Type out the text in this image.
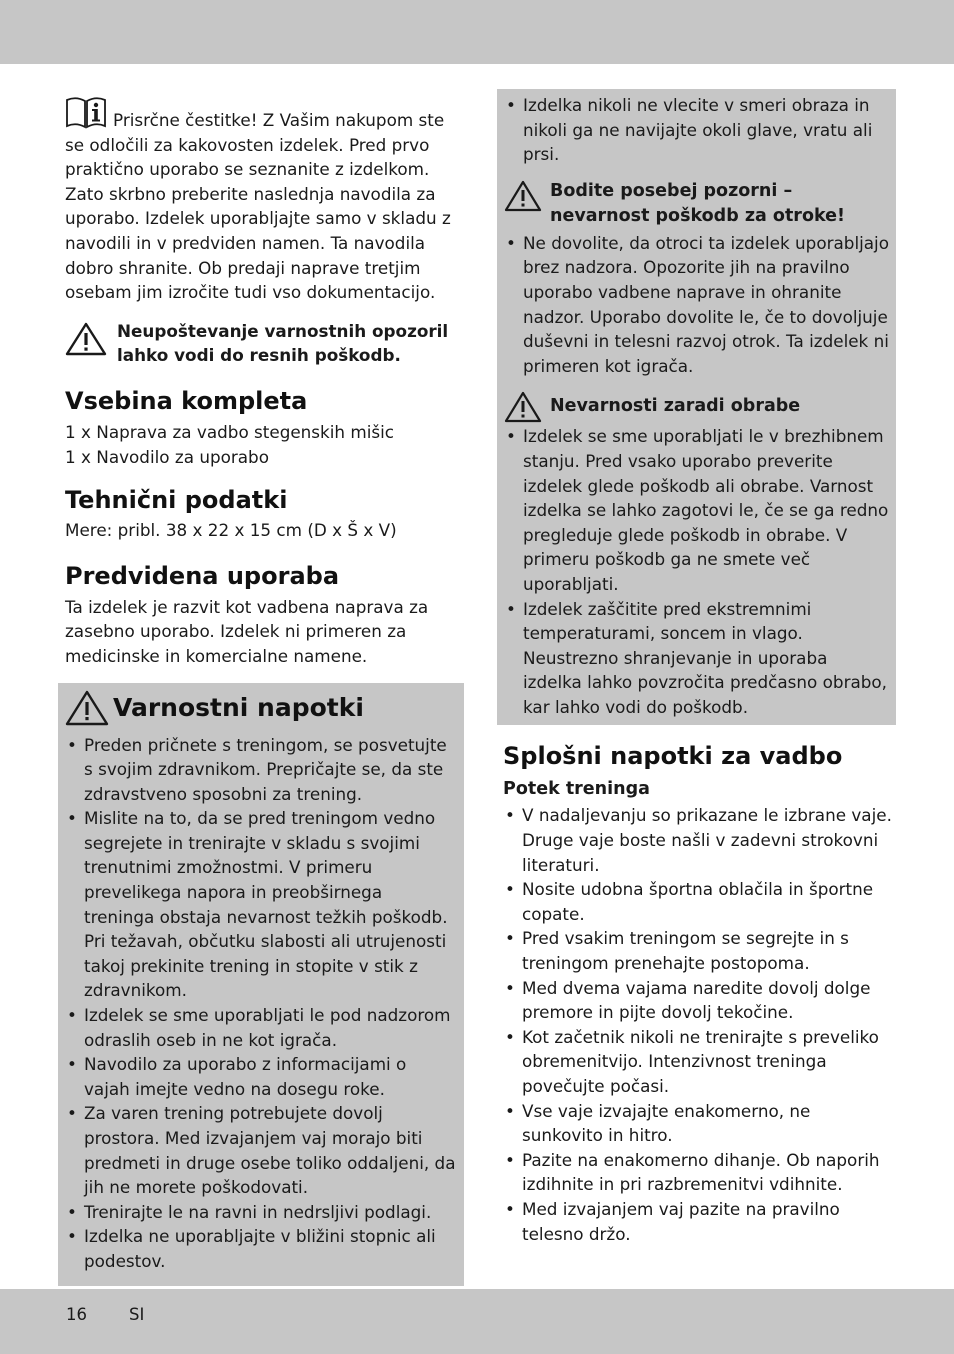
Prisrčne čestitke! Z Vašim nakupom ste se odločili za kakovosten izdelek. Pred prvo praktično uporabo se seznanite z izdelkom. Zato skrbno preberite naslednja navodila za uporabo. Izdelek uporabljajte samo v skladu z navodili in v predviden namen. Ta navodila dobro shranite. Ob predaji naprave tretjim osebam jim izročite tudi vso dokumentacijo.

Neupoštevanje varnostnih opozoril lahko vodi do resnih poškodb.
Vsebina kompleta

1 x Naprava za vadbo stegenskih mišic

1 x Navodilo za uporabo

Tehnični podatki

Mere: pribl. 38 x 22 x 15 cm (D x Š x V)

Predvidena uporaba

Ta izdelek je razvit kot vadbena naprava za zasebno uporabo. Izdelek ni primeren za medicinske in komercialne namene.

Varnostni napotki
• Preden pričnete s treningom, se posvetujte s svojim zdravnikom. Prepričajte se, da ste zdravstveno sposobni za trening.
• Mislite na to, da se pred treningom vedno segrejete in trenirajte v skladu s svojimi trenutnimi zmožnostmi. V primeru prevelikega napora in preobširnega treninga obstaja nevarnost težkih poškodb. Pri težavah, občutku slabosti ali utrujenosti takoj prekinite trening in stopite v stik z zdravnikom.
• Izdelek se sme uporabljati le pod nadzorom odraslih oseb in ne kot igrača.
• Navodilo za uporabo z informacijami o vajah imejte vedno na dosegu roke.
• Za varen trening potrebujete dovolj prostora. Med izvajanjem vaj morajo biti predmeti in druge osebe toliko oddaljeni, da jih ne morete poškodovati.
• Trenirajte le na ravni in nedrsljivi podlagi.
• Izdelka ne uporabljajte v bližini stopnic ali podestov.
• Izdelka nikoli ne vlecite v smeri obraza in nikoli ga ne navijajte okoli glave, vratu ali prsi.
Bodite posebej pozorni – nevarnost poškodb za otroke!
• Ne dovolite, da otroci ta izdelek uporabljajo brez nadzora. Opozorite jih na pravilno uporabo vadbene naprave in ohranite nadzor. Uporabo dovolite le, če to dovoljuje duševni in telesni razvoj otrok. Ta izdelek ni primeren kot igrača.
Nevarnosti zaradi obrabe
• Izdelek se sme uporabljati le v brezhibnem stanju. Pred vsako uporabo preverite izdelek glede poškodb ali obrabe. Varnost izdelka se lahko zagotovi le, če se ga redno pregleduje glede poškodb in obrabe. V primeru poškodb ga ne smete več uporabljati.
• Izdelek zaščitite pred ekstremnimi temperaturami, soncem in vlago. Neustrezno shranjevanje in uporaba izdelka lahko povzročita predčasno obrabo, kar lahko vodi do poškodb.
Splošni napotki za vadbo
Potek treninga
• V nadaljevanju so prikazane le izbrane vaje. Druge vaje boste našli v zadevni strokovni literaturi.
• Nosite udobna športna oblačila in športne copate.
• Pred vsakim treningom se segrejte in s treningom prenehajte postopoma.
• Med dvema vajama naredite dovolj dolge premore in pijte dovolj tekočine.
• Kot začetnik nikoli ne trenirajte s preveliko obremenitvijo. Intenzivnost treninga povečujte počasi.
• Vse vaje izvajajte enakomerno, ne sunkovito in hitro.
• Pazite na enakomerno dihanje. Ob naporih izdihnite in pri razbremenitvi vdihnite.
• Med izvajanjem vaj pazite na pravilno telesno držo.
16	SI
